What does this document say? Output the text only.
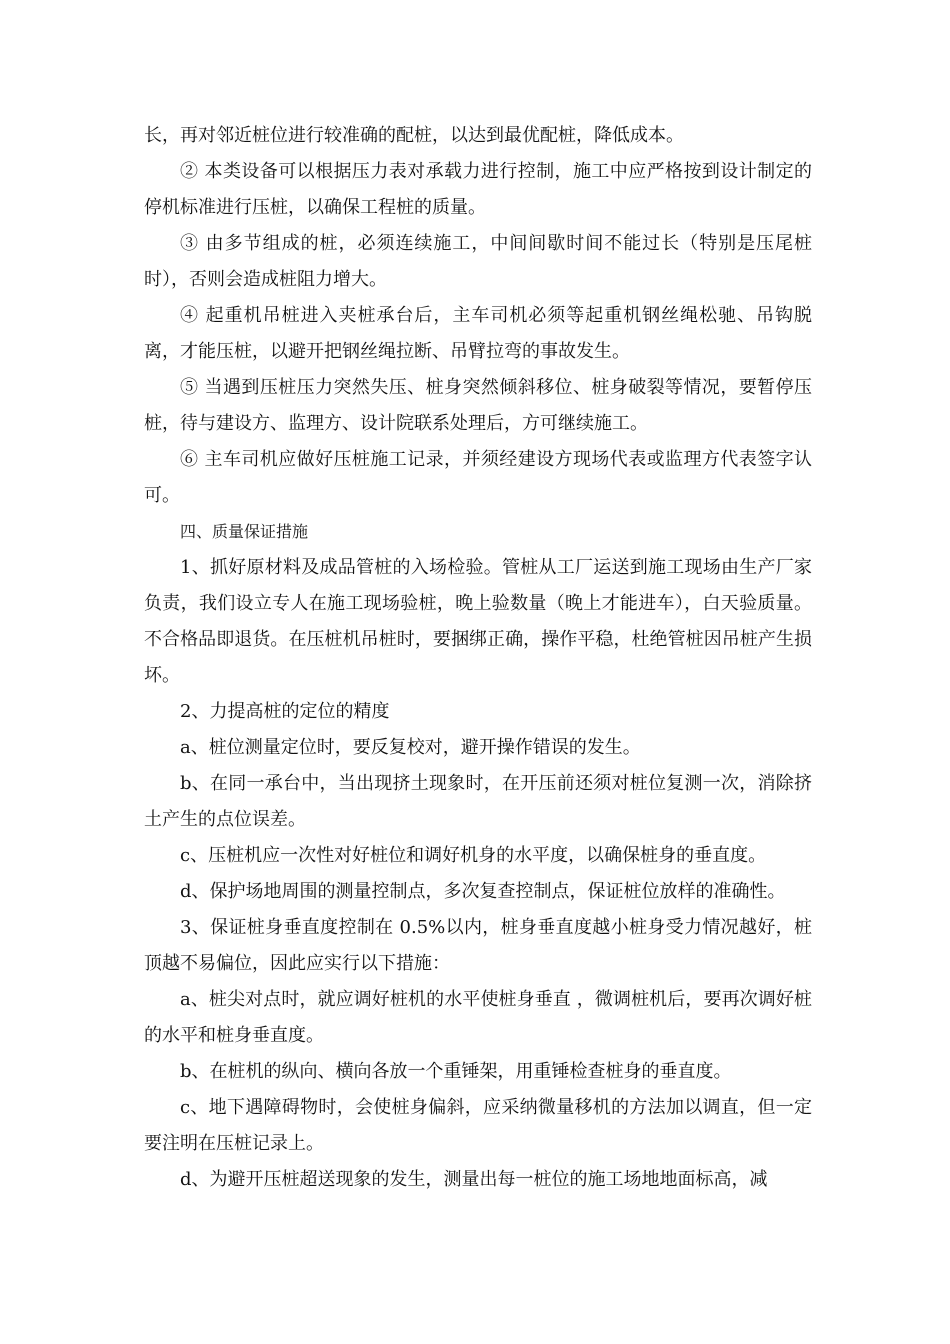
长，再对邻近桩位进行较准确的配桩，以达到最优配桩，降低成本。

② 本类设备可以根据压力表对承载力进行控制，施工中应严格按到设计制定的停机标准进行压桩，以确保工程桩的质量。

③ 由多节组成的桩，必须连续施工，中间间歇时间不能过长（特别是压尾桩时），否则会造成桩阻力增大。

④ 起重机吊桩进入夹桩承台后，主车司机必须等起重机钢丝绳松驰、吊钩脱离，才能压桩，以避开把钢丝绳拉断、吊臂拉弯的事故发生。

⑤ 当遇到压桩压力突然失压、桩身突然倾斜移位、桩身破裂等情况，要暂停压桩，待与建设方、监理方、设计院联系处理后，方可继续施工。

⑥ 主车司机应做好压桩施工记录，并须经建设方现场代表或监理方代表签字认可。

四、质量保证措施

1、抓好原材料及成品管桩的入场检验。管桩从工厂运送到施工现场由生产厂家负责，我们设立专人在施工现场验桩，晚上验数量（晚上才能进车），白天验质量。不合格品即退货。在压桩机吊桩时，要捆绑正确，操作平稳，杜绝管桩因吊桩产生损坏。

2、力提高桩的定位的精度

a、桩位测量定位时，要反复校对，避开操作错误的发生。

b、在同一承台中，当出现挤土现象时，在开压前还须对桩位复测一次，消除挤土产生的点位误差。

c、压桩机应一次性对好桩位和调好机身的水平度，以确保桩身的垂直度。

d、保护场地周围的测量控制点，多次复查控制点，保证桩位放样的准确性。

3、保证桩身垂直度控制在 0.5%以内，桩身垂直度越小桩身受力情况越好，桩顶越不易偏位，因此应实行以下措施：

a、桩尖对点时，就应调好桩机的水平使桩身垂直 ，微调桩机后，要再次调好桩的水平和桩身垂直度。

b、在桩机的纵向、横向各放一个重锤架，用重锤检查桩身的垂直度。

c、地下遇障碍物时，会使桩身偏斜，应采纳微量移机的方法加以调直，但一定要注明在压桩记录上。

d、为避开压桩超送现象的发生，测量出每一桩位的施工场地地面标高，减
